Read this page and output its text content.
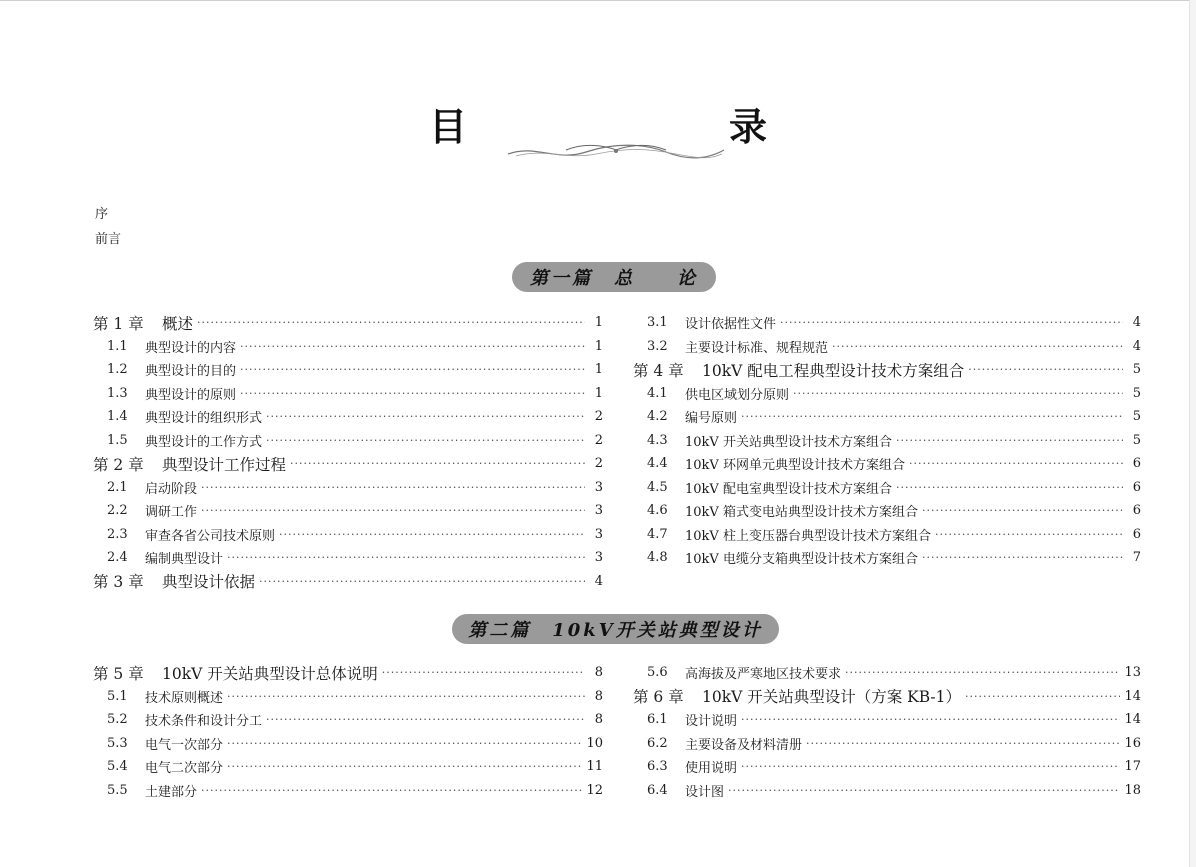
目　　录
序
前言
第一篇　总　　论
第二篇　10kV开关站典型设计
第 1 章	概述 ·····	1
1.1	典型设计的内容 ·····	1
1.2	典型设计的目的 ·····	1
1.3	典型设计的原则 ·····	1
1.4	典型设计的组织形式 ·····	2
1.5	典型设计的工作方式 ·····	2
第 2 章	典型设计工作过程 ·····	2
2.1	启动阶段 ·····	3
2.2	调研工作 ·····	3
2.3	审查各省公司技术原则 ·····	3
2.4	编制典型设计 ·····	3
第 3 章	典型设计依据 ·····	4
3.1	设计依据性文件 ·····	4
3.2	主要设计标准、规程规范 ·····	4
第 4 章	10kV 配电工程典型设计技术方案组合 ·····	5
4.1	供电区域划分原则 ·····	5
4.2	编号原则 ·····	5
4.3	10kV 开关站典型设计技术方案组合 ·····	5
4.4	10kV 环网单元典型设计技术方案组合 ·····	6
4.5	10kV 配电室典型设计技术方案组合 ·····	6
4.6	10kV 箱式变电站典型设计技术方案组合 ·····	6
4.7	10kV 柱上变压器台典型设计技术方案组合 ·····	6
4.8	10kV 电缆分支箱典型设计技术方案组合 ·····	7
第 5 章	10kV 开关站典型设计总体说明 ·····	8
5.1	技术原则概述 ·····	8
5.2	技术条件和设计分工 ·····	8
5.3	电气一次部分 ·····	10
5.4	电气二次部分 ·····	11
5.5	土建部分 ·····	12
5.6	高海拔及严寒地区技术要求 ·····	13
第 6 章	10kV 开关站典型设计（方案 KB-1） ·····	14
6.1	设计说明 ·····	14
6.2	主要设备及材料清册 ·····	16
6.3	使用说明 ·····	17
6.4	设计图 ·····	18
